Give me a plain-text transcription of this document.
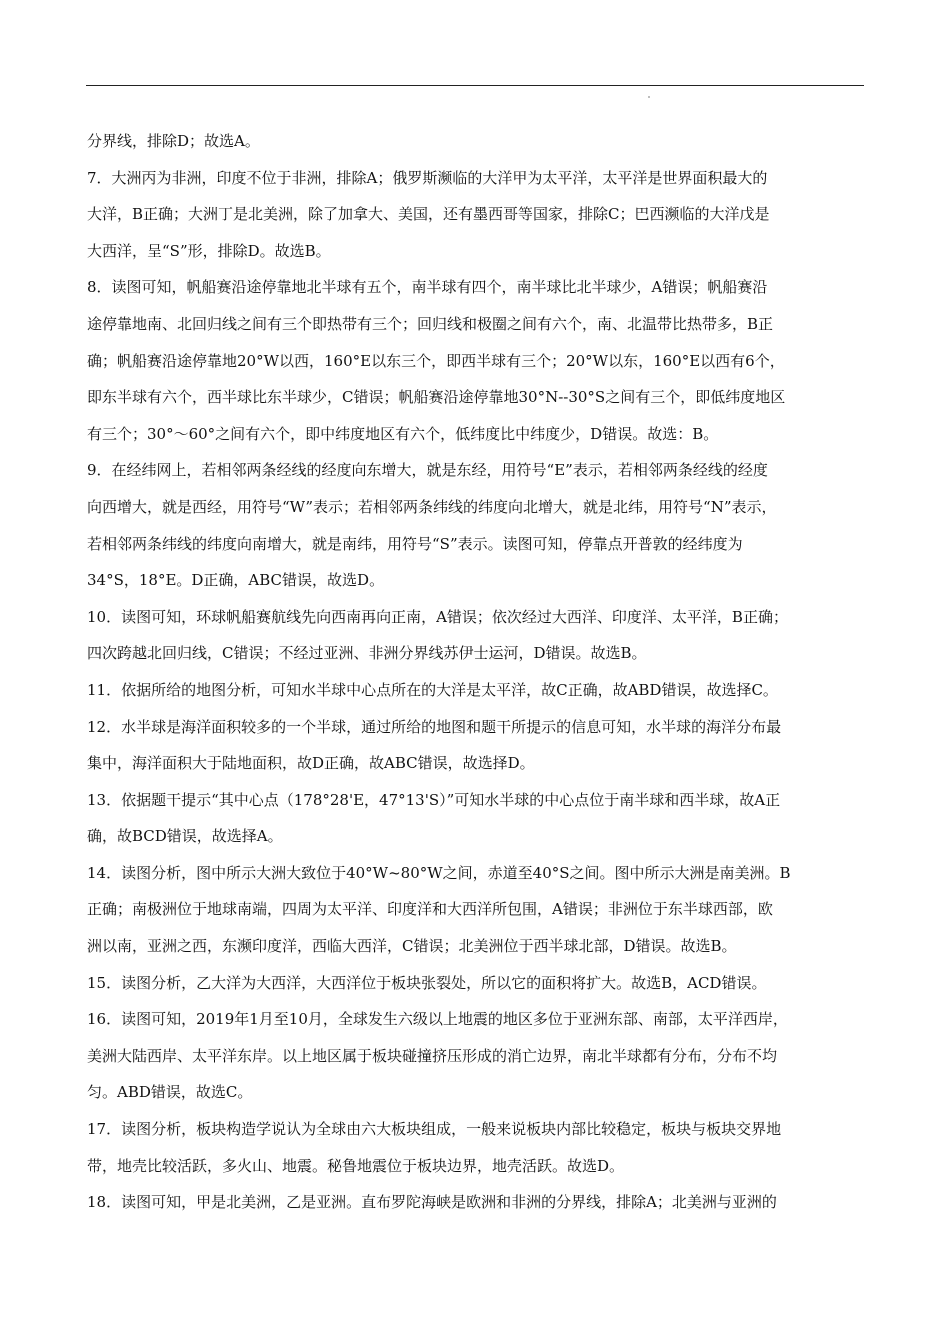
分界线，排除D；故选A。

7．大洲丙为非洲，印度不位于非洲，排除A；俄罗斯濒临的大洋甲为太平洋，太平洋是世界面积最大的
大洋，B正确；大洲丁是北美洲，除了加拿大、美国，还有墨西哥等国家，排除C；巴西濒临的大洋戊是
大西洋，呈“S”形，排除D。故选B。

8．读图可知，帆船赛沿途停靠地北半球有五个，南半球有四个，南半球比北半球少，A错误；帆船赛沿
途停靠地南、北回归线之间有三个即热带有三个；回归线和极圈之间有六个，南、北温带比热带多，B正
确；帆船赛沿途停靠地20°W以西，160°E以东三个，即西半球有三个；20°W以东，160°E以西有6个，
即东半球有六个，西半球比东半球少，C错误；帆船赛沿途停靠地30°N--30°S之间有三个，即低纬度地区
有三个；30°～60°之间有六个，即中纬度地区有六个，低纬度比中纬度少，D错误。故选：B。

9．在经纬网上，若相邻两条经线的经度向东增大，就是东经，用符号“E”表示，若相邻两条经线的经度
向西增大，就是西经，用符号“W”表示；若相邻两条纬线的纬度向北增大，就是北纬，用符号“N”表示，
若相邻两条纬线的纬度向南增大，就是南纬，用符号“S”表示。读图可知，停靠点开普敦的经纬度为
34°S，18°E。D正确，ABC错误，故选D。

10．读图可知，环球帆船赛航线先向西南再向正南，A错误；依次经过大西洋、印度洋、太平洋，B正确；
四次跨越北回归线，C错误；不经过亚洲、非洲分界线苏伊士运河，D错误。故选B。

11．依据所给的地图分析，可知水半球中心点所在的大洋是太平洋，故C正确，故ABD错误，故选择C。

12．水半球是海洋面积较多的一个半球，通过所给的地图和题干所提示的信息可知，水半球的海洋分布最
集中，海洋面积大于陆地面积，故D正确，故ABC错误，故选择D。

13．依据题干提示“其中心点（178°28'E，47°13'S）”可知水半球的中心点位于南半球和西半球，故A正
确，故BCD错误，故选择A。

14．读图分析，图中所示大洲大致位于40°W~80°W之间，赤道至40°S之间。图中所示大洲是南美洲。B
正确；南极洲位于地球南端，四周为太平洋、印度洋和大西洋所包围，A错误；非洲位于东半球西部，欧
洲以南，亚洲之西，东濒印度洋，西临大西洋，C错误；北美洲位于西半球北部，D错误。故选B。

15．读图分析，乙大洋为大西洋，大西洋位于板块张裂处，所以它的面积将扩大。故选B，ACD错误。

16．读图可知，2019年1月至10月，全球发生六级以上地震的地区多位于亚洲东部、南部，太平洋西岸，
美洲大陆西岸、太平洋东岸。以上地区属于板块碰撞挤压形成的消亡边界，南北半球都有分布，分布不均
匀。ABD错误，故选C。

17．读图分析，板块构造学说认为全球由六大板块组成，一般来说板块内部比较稳定，板块与板块交界地
带，地壳比较活跃，多火山、地震。秘鲁地震位于板块边界，地壳活跃。故选D。

18．读图可知，甲是北美洲，乙是亚洲。直布罗陀海峡是欧洲和非洲的分界线，排除A；北美洲与亚洲的
